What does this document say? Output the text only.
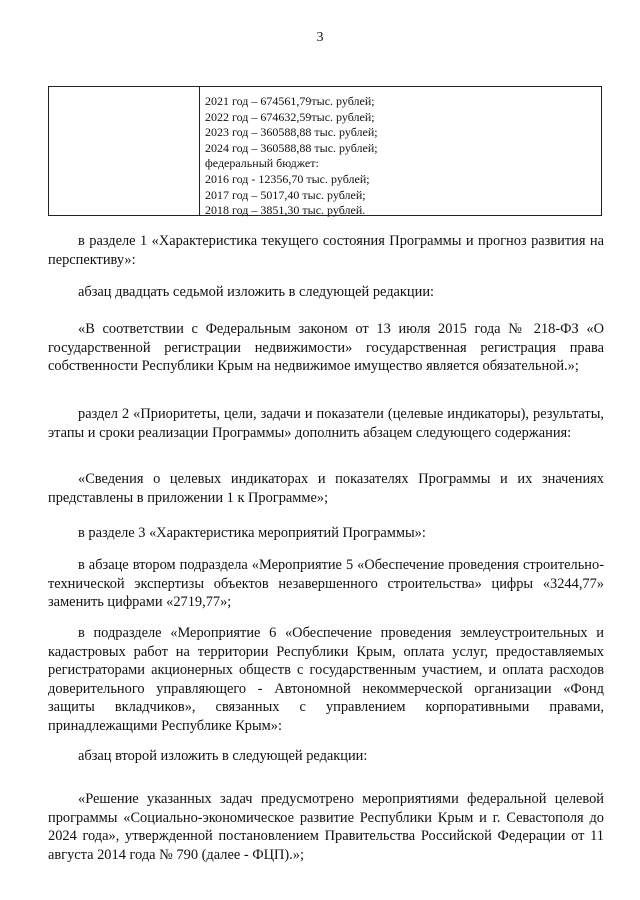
3
2021 год – 674561,79тыс. рублей;
2022 год – 674632,59тыс. рублей;
2023 год – 360588,88 тыс. рублей;
2024 год – 360588,88 тыс. рублей;
федеральный бюджет:
2016 год - 12356,70 тыс. рублей;
2017 год – 5017,40 тыс. рублей;
2018 год – 3851,30 тыс. рублей.

в разделе 1 «Характеристика текущего состояния Программы и прогноз развития на перспективу»:

абзац двадцать седьмой изложить в следующей редакции:

«В соответствии с Федеральным законом от 13 июля 2015 года № 218-ФЗ «О государственной регистрации недвижимости» государственная регистрация права собственности Республики Крым на недвижимое имущество является обязательной.»;

раздел 2 «Приоритеты, цели, задачи и показатели (целевые индикаторы), результаты, этапы и сроки реализации Программы» дополнить абзацем следующего содержания:

«Сведения о целевых индикаторах и показателях Программы и их значениях представлены в приложении 1 к Программе»;

в разделе 3 «Характеристика мероприятий Программы»:

в абзаце втором подраздела «Мероприятие 5 «Обеспечение проведения строительно-технической экспертизы объектов незавершенного строительства» цифры «3244,77» заменить цифрами «2719,77»;

в подразделе «Мероприятие 6 «Обеспечение проведения землеустроительных и кадастровых работ на территории Республики Крым, оплата услуг, предоставляемых регистраторами акционерных обществ с государственным участием, и оплата расходов доверительного управляющего - Автономной некоммерческой организации «Фонд защиты вкладчиков», связанных с управлением корпоративными правами, принадлежащими Республике Крым»:

абзац второй изложить в следующей редакции:

«Решение указанных задач предусмотрено мероприятиями федеральной целевой программы «Социально-экономическое развитие Республики Крым и г. Севастополя до 2024 года», утвержденной постановлением Правительства Российской Федерации от 11 августа 2014 года № 790 (далее - ФЦП).»;
